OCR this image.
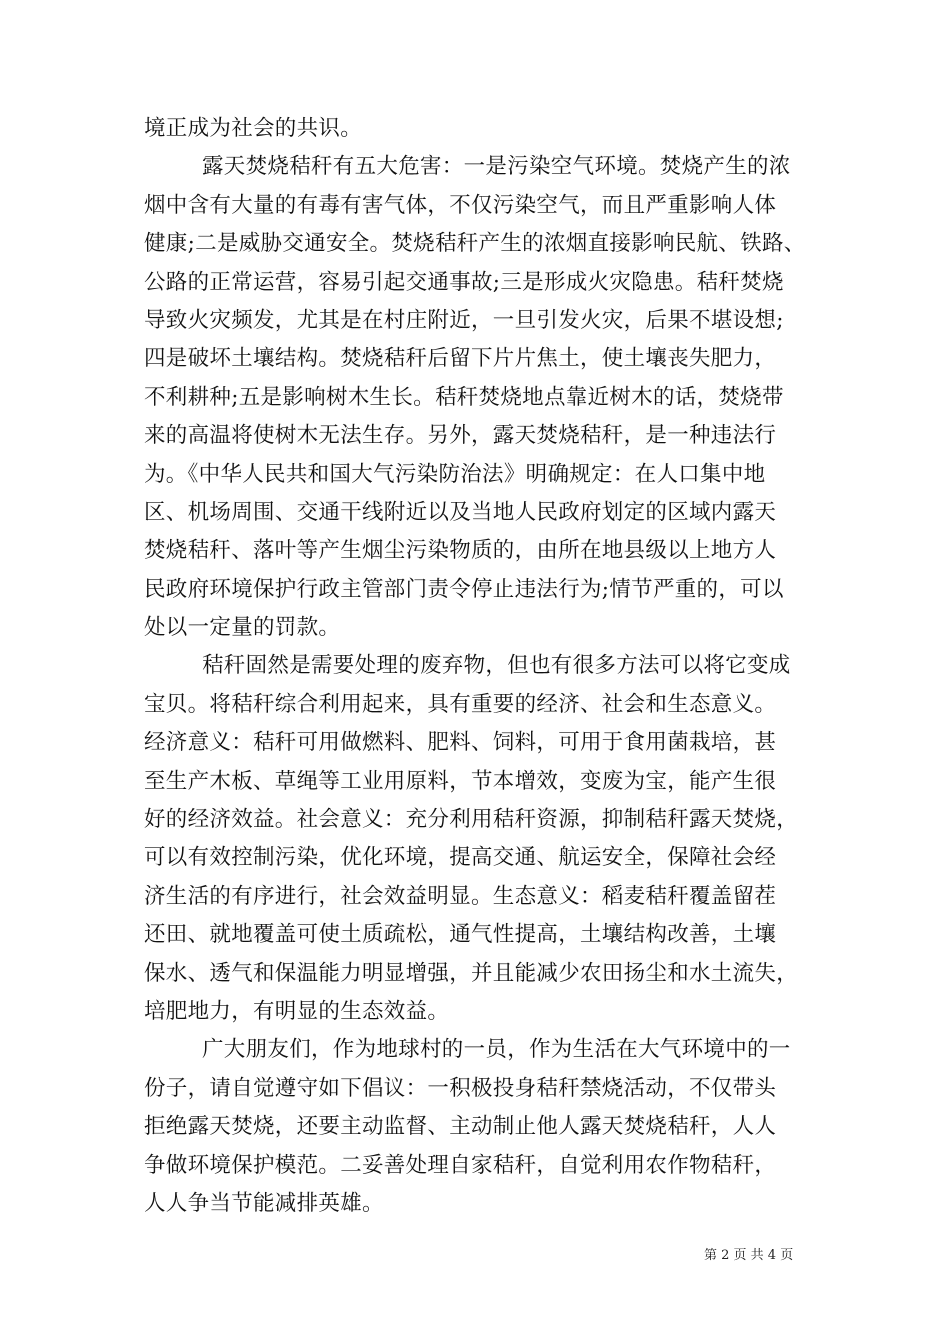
境正成为社会的共识。
露天焚烧秸秆有五大危害：一是污染空气环境。焚烧产生的浓
烟中含有大量的有毒有害气体，不仅污染空气，而且严重影响人体
健康;二是威胁交通安全。焚烧秸秆产生的浓烟直接影响民航、铁路、
公路的正常运营，容易引起交通事故;三是形成火灾隐患。秸秆焚烧
导致火灾频发，尤其是在村庄附近，一旦引发火灾，后果不堪设想;
四是破坏土壤结构。焚烧秸秆后留下片片焦土，使土壤丧失肥力，
不利耕种;五是影响树木生长。秸秆焚烧地点靠近树木的话，焚烧带
来的高温将使树木无法生存。另外，露天焚烧秸秆，是一种违法行
为。《中华人民共和国大气污染防治法》明确规定：在人口集中地
区、机场周围、交通干线附近以及当地人民政府划定的区域内露天
焚烧秸秆、落叶等产生烟尘污染物质的，由所在地县级以上地方人
民政府环境保护行政主管部门责令停止违法行为;情节严重的，可以
处以一定量的罚款。
秸秆固然是需要处理的废弃物，但也有很多方法可以将它变成
宝贝。将秸秆综合利用起来，具有重要的经济、社会和生态意义。
经济意义：秸秆可用做燃料、肥料、饲料，可用于食用菌栽培，甚
至生产木板、草绳等工业用原料，节本增效，变废为宝，能产生很
好的经济效益。社会意义：充分利用秸秆资源，抑制秸秆露天焚烧，
可以有效控制污染，优化环境，提高交通、航运安全，保障社会经
济生活的有序进行，社会效益明显。生态意义：稻麦秸秆覆盖留茬
还田、就地覆盖可使土质疏松，通气性提高，土壤结构改善，土壤
保水、透气和保温能力明显增强，并且能减少农田扬尘和水土流失，
培肥地力，有明显的生态效益。
广大朋友们，作为地球村的一员，作为生活在大气环境中的一
份子，请自觉遵守如下倡议：一积极投身秸秆禁烧活动，不仅带头
拒绝露天焚烧，还要主动监督、主动制止他人露天焚烧秸秆，人人
争做环境保护模范。二妥善处理自家秸秆，自觉利用农作物秸秆，
人人争当节能减排英雄。
第 2 页 共 4 页
